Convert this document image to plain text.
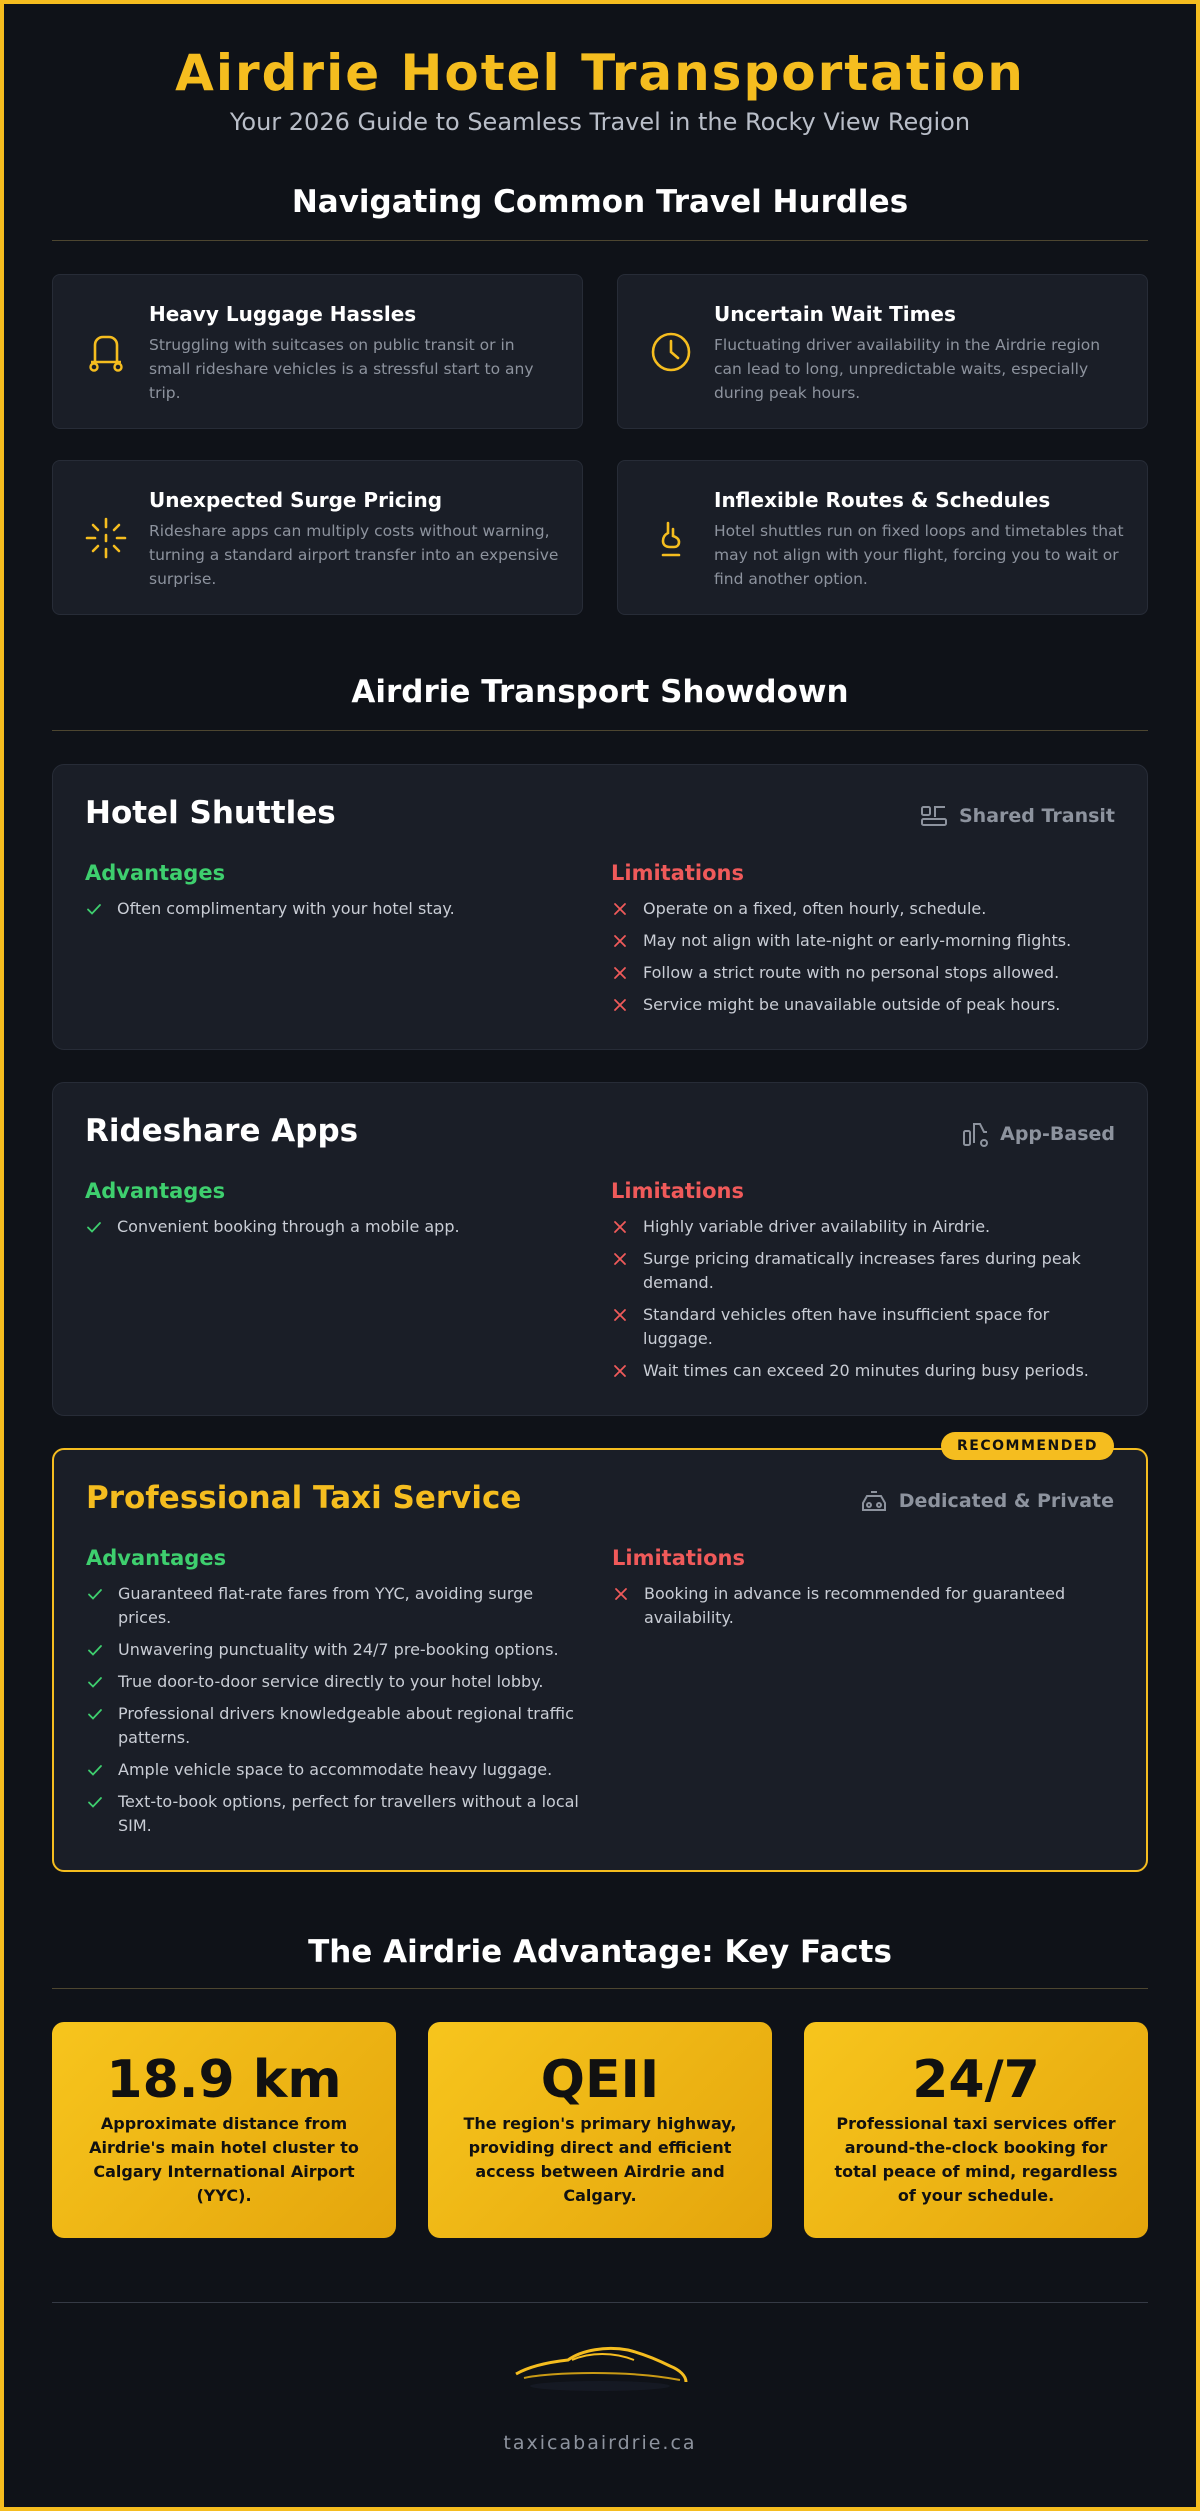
Airdrie Hotel Transportation
Your 2026 Guide to Seamless Travel in the Rocky View Region
Navigating Common Travel Hurdles
Heavy Luggage Hassles

Struggling with suitcases on public transit or in small rideshare vehicles is a stressful start to any trip.

Uncertain Wait Times

Fluctuating driver availability in the Airdrie region can lead to long, unpredictable waits, especially during peak hours.

Unexpected Surge Pricing

Rideshare apps can multiply costs without warning, turning a standard airport transfer into an expensive surprise.

Inflexible Routes & Schedules

Hotel shuttles run on fixed loops and timetables that may not align with your flight, forcing you to wait or find another option.

Airdrie Transport Showdown
Hotel Shuttles	Shared Transit
Advantages	Limitations
Often complimentary with your hotel stay.	Operate on a fixed, often hourly, schedule.
May not align with late-night or early-morning flights.
Follow a strict route with no personal stops allowed.
Service might be unavailable outside of peak hours.
Rideshare Apps	App-Based
Advantages	Limitations
Convenient booking through a mobile app.	Highly variable driver availability in Airdrie.
Surge pricing dramatically increases fares during peak demand.
Standard vehicles often have insufficient space for luggage.
Wait times can exceed 20 minutes during busy periods.
RECOMMENDED
Professional Taxi Service	Dedicated & Private
Advantages	Limitations
Guaranteed flat-rate fares from YYC, avoiding surge prices.
Unwavering punctuality with 24/7 pre-booking options.
True door-to-door service directly to your hotel lobby.
Professional drivers knowledgeable about regional traffic patterns.
Ample vehicle space to accommodate heavy luggage.
Text-to-book options, perfect for travellers without a local SIM.
Booking in advance is recommended for guaranteed availability.
The Airdrie Advantage: Key Facts
18.9 km
Approximate distance from Airdrie's main hotel cluster to Calgary International Airport (YYC).
QEII
The region's primary highway, providing direct and efficient access between Airdrie and Calgary.
24/7
Professional taxi services offer around-the-clock booking for total peace of mind, regardless of your schedule.
taxicabairdrie.ca
